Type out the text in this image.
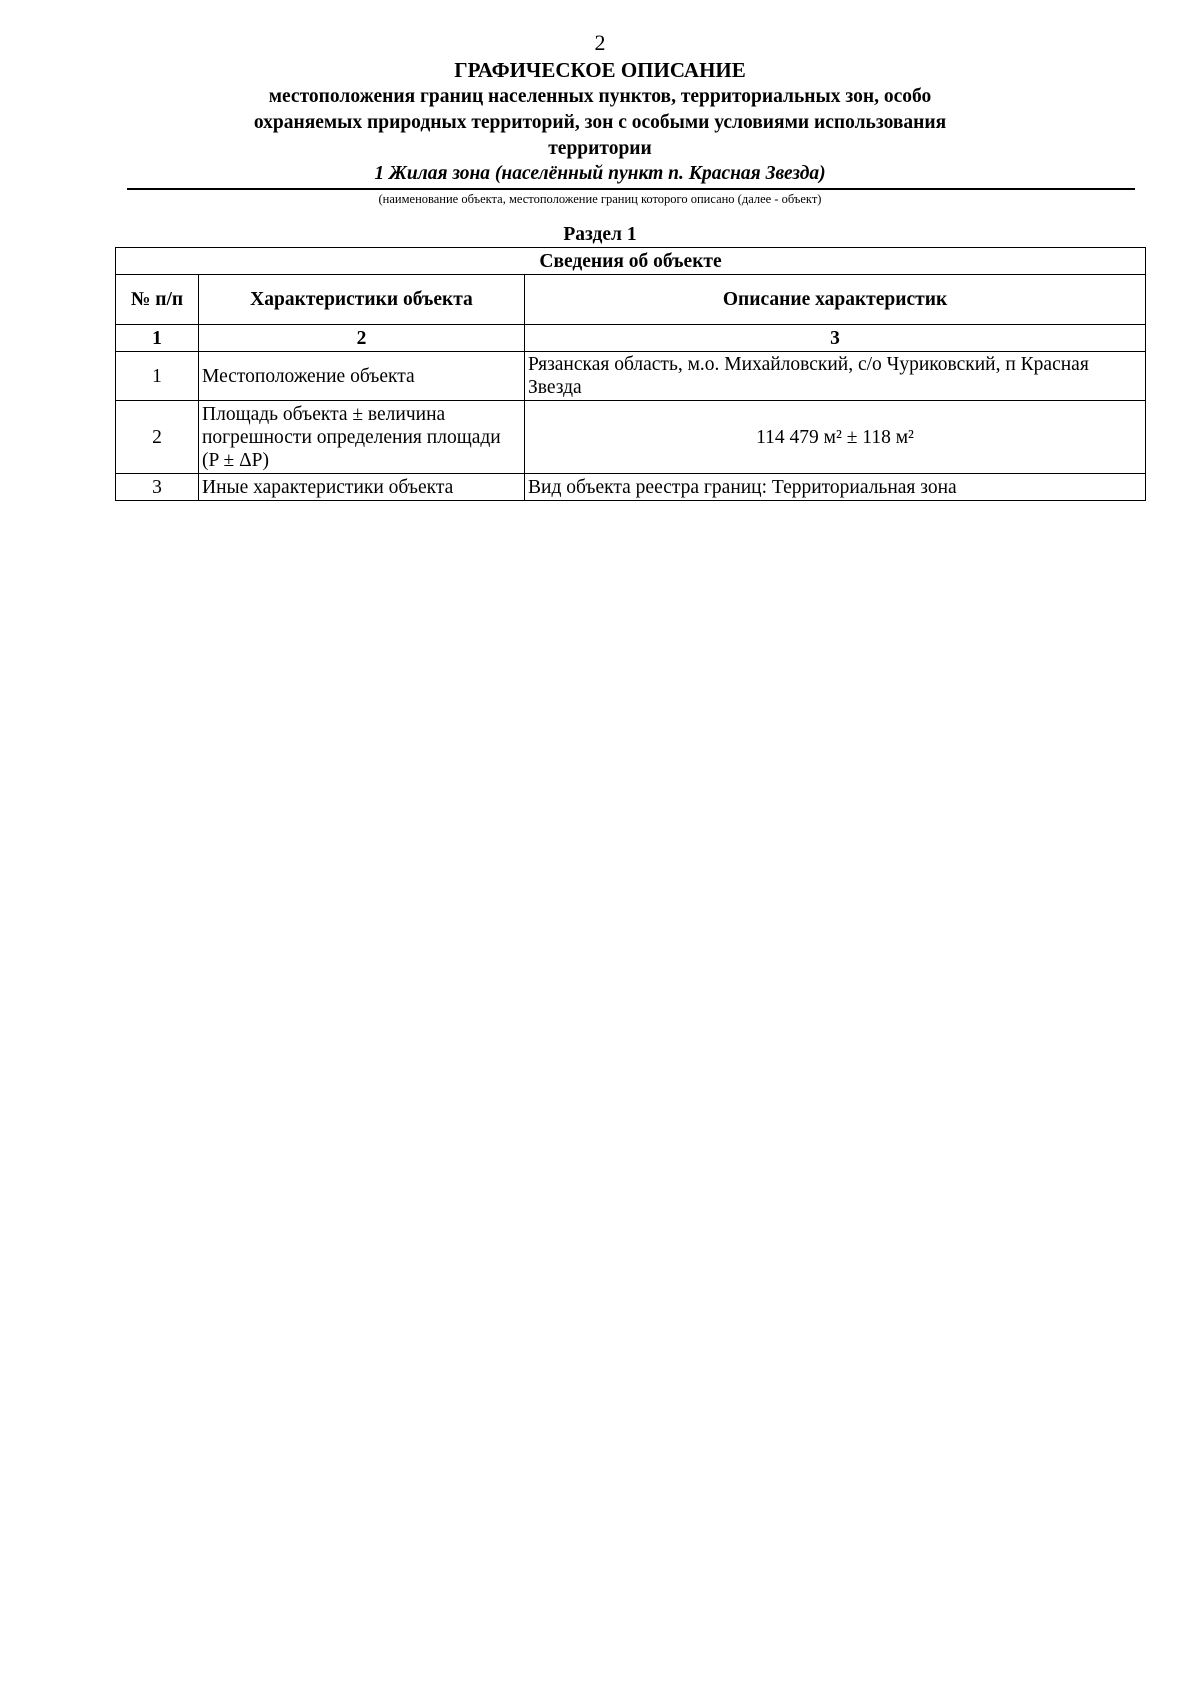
2
ГРАФИЧЕСКОЕ ОПИСАНИЕ
местоположения границ населенных пунктов, территориальных зон, особо охраняемых природных территорий, зон с особыми условиями использования территории
1 Жилая зона (населённый пункт п. Красная Звезда)
(наименование объекта, местоположение границ которого описано (далее - объект)
Раздел 1
Сведения об объекте		
№ п/п	Характеристики объекта	Описание характеристик
1	2	3
1	Местоположение объекта	Рязанская область, м.о. Михайловский, с/о Чуриковский, п Красная Звезда
2	Площадь объекта ± величина погрешности определения площади (P ± ΔP)	114 479 м² ± 118 м²
3	Иные характеристики объекта	Вид объекта реестра границ: Территориальная зона
